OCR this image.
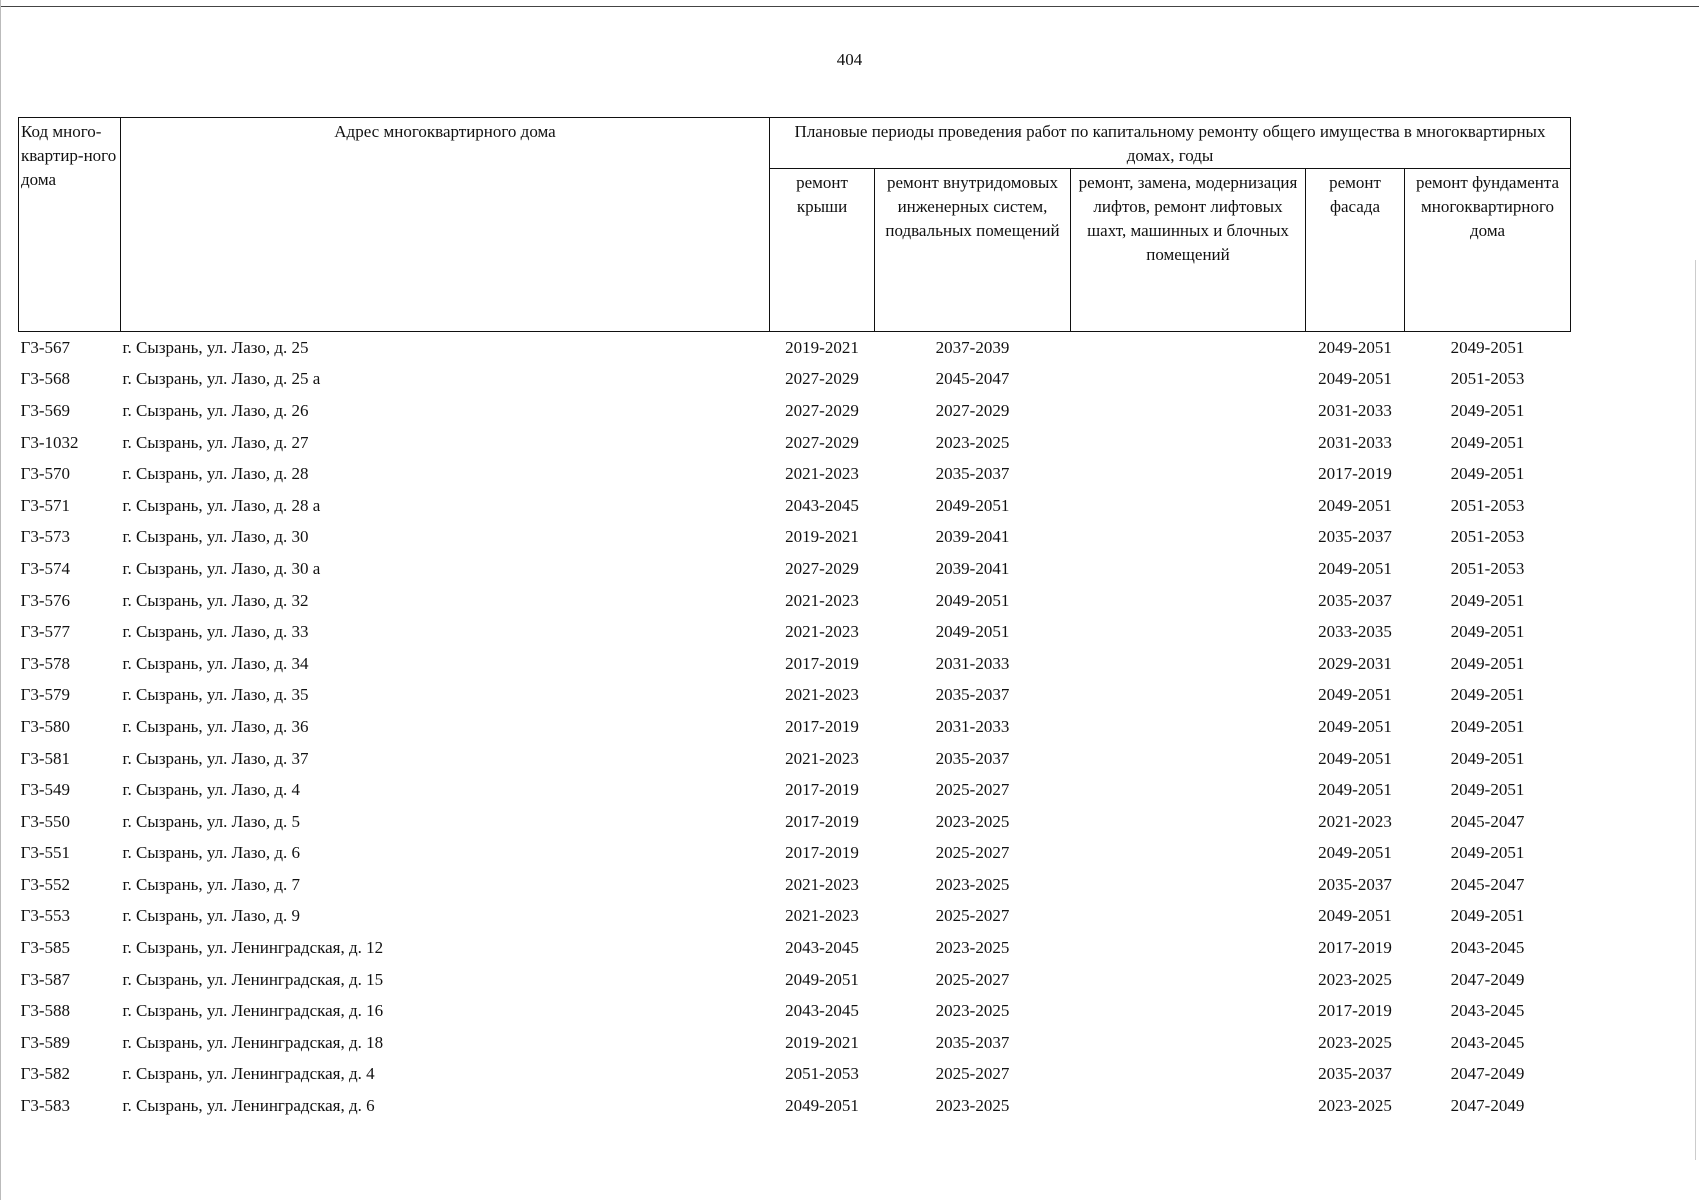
404
Код много-квартир-ного дома	Адрес многоквартирного дома	Плановые периоды проведения работ по капитальному ремонту общего имущества в многоквартирных домах, годы				
		ремонт крыши	ремонт внутридомовых инженерных систем, подвальных помещений	ремонт, замена, модернизация лифтов, ремонт лифтовых шахт, машинных и блочных помещений	ремонт фасада	ремонт фундамента многоквартирного дома
Г3-567	г. Сызрань, ул. Лазо, д. 25	2019-2021	2037-2039		2049-2051	2049-2051
Г3-568	г. Сызрань, ул. Лазо, д. 25 а	2027-2029	2045-2047		2049-2051	2051-2053
Г3-569	г. Сызрань, ул. Лазо, д. 26	2027-2029	2027-2029		2031-2033	2049-2051
Г3-1032	г. Сызрань, ул. Лазо, д. 27	2027-2029	2023-2025		2031-2033	2049-2051
Г3-570	г. Сызрань, ул. Лазо, д. 28	2021-2023	2035-2037		2017-2019	2049-2051
Г3-571	г. Сызрань, ул. Лазо, д. 28 а	2043-2045	2049-2051		2049-2051	2051-2053
Г3-573	г. Сызрань, ул. Лазо, д. 30	2019-2021	2039-2041		2035-2037	2051-2053
Г3-574	г. Сызрань, ул. Лазо, д. 30 а	2027-2029	2039-2041		2049-2051	2051-2053
Г3-576	г. Сызрань, ул. Лазо, д. 32	2021-2023	2049-2051		2035-2037	2049-2051
Г3-577	г. Сызрань, ул. Лазо, д. 33	2021-2023	2049-2051		2033-2035	2049-2051
Г3-578	г. Сызрань, ул. Лазо, д. 34	2017-2019	2031-2033		2029-2031	2049-2051
Г3-579	г. Сызрань, ул. Лазо, д. 35	2021-2023	2035-2037		2049-2051	2049-2051
Г3-580	г. Сызрань, ул. Лазо, д. 36	2017-2019	2031-2033		2049-2051	2049-2051
Г3-581	г. Сызрань, ул. Лазо, д. 37	2021-2023	2035-2037		2049-2051	2049-2051
Г3-549	г. Сызрань, ул. Лазо, д. 4	2017-2019	2025-2027		2049-2051	2049-2051
Г3-550	г. Сызрань, ул. Лазо, д. 5	2017-2019	2023-2025		2021-2023	2045-2047
Г3-551	г. Сызрань, ул. Лазо, д. 6	2017-2019	2025-2027		2049-2051	2049-2051
Г3-552	г. Сызрань, ул. Лазо, д. 7	2021-2023	2023-2025		2035-2037	2045-2047
Г3-553	г. Сызрань, ул. Лазо, д. 9	2021-2023	2025-2027		2049-2051	2049-2051
Г3-585	г. Сызрань, ул. Ленинградская, д. 12	2043-2045	2023-2025		2017-2019	2043-2045
Г3-587	г. Сызрань, ул. Ленинградская, д. 15	2049-2051	2025-2027		2023-2025	2047-2049
Г3-588	г. Сызрань, ул. Ленинградская, д. 16	2043-2045	2023-2025		2017-2019	2043-2045
Г3-589	г. Сызрань, ул. Ленинградская, д. 18	2019-2021	2035-2037		2023-2025	2043-2045
Г3-582	г. Сызрань, ул. Ленинградская, д. 4	2051-2053	2025-2027		2035-2037	2047-2049
Г3-583	г. Сызрань, ул. Ленинградская, д. 6	2049-2051	2023-2025		2023-2025	2047-2049
